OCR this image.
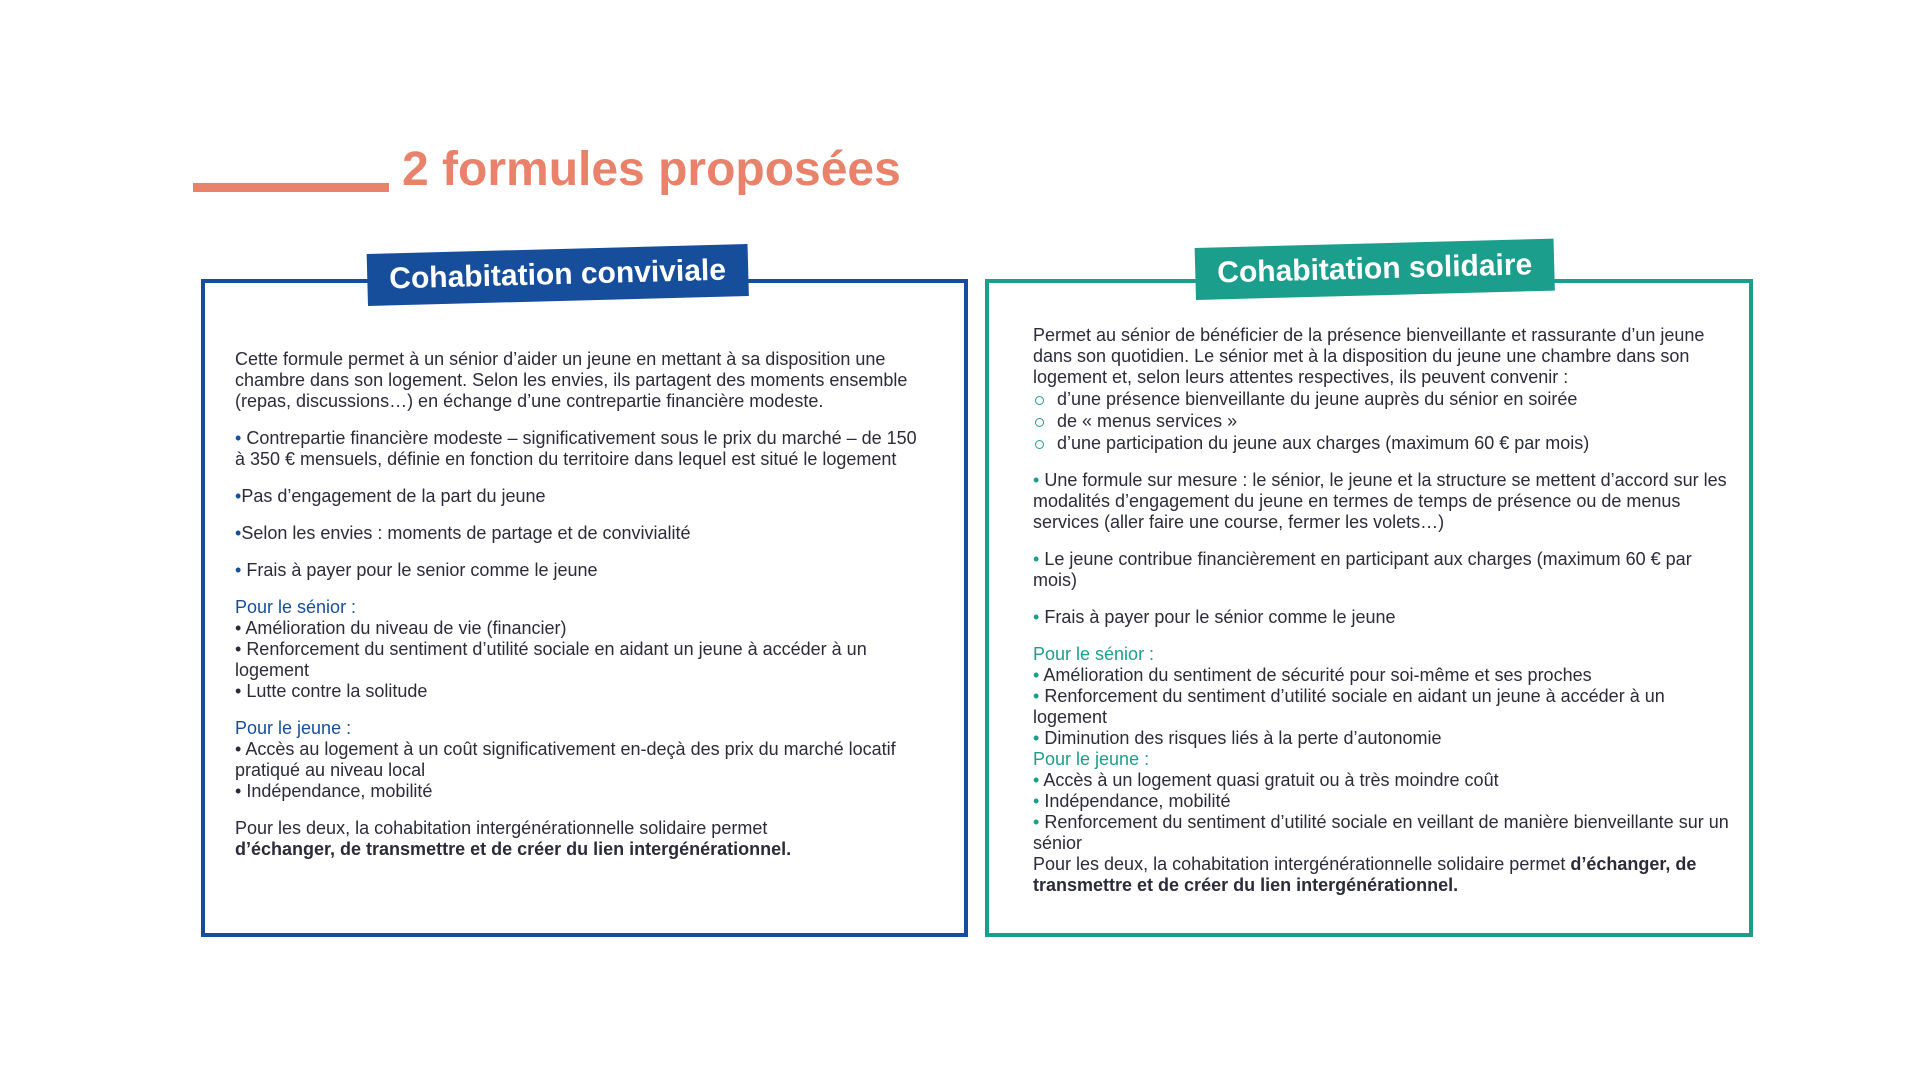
2 formules proposées
Cohabitation conviviale

Cette formule permet à un sénior d’aider un jeune en mettant à sa disposition une chambre dans son logement. Selon les envies, ils partagent des moments ensemble (repas, discussions…) en échange d’une contrepartie financière modeste.

• Contrepartie financière modeste – significativement sous le prix du marché – de 150 à 350 € mensuels, définie en fonction du territoire dans lequel est situé le logement

•Pas d’engagement de la part du jeune

•Selon les envies : moments de partage et de convivialité

• Frais à payer pour le senior comme le jeune

Pour le sénior :

• Amélioration du niveau de vie (financier)

• Renforcement du sentiment d’utilité sociale en aidant un jeune à accéder à un logement

• Lutte contre la solitude

Pour le jeune :

• Accès au logement à un coût significativement en-deçà des prix du marché locatif pratiqué au niveau local

• Indépendance, mobilité

Pour les deux, la cohabitation intergénérationnelle solidaire permet
d’échanger, de transmettre et de créer du lien intergénérationnel.

Cohabitation solidaire

Permet au sénior de bénéficier de la présence bienveillante et rassurante d’un jeune dans son quotidien. Le sénior met à la disposition du jeune une chambre dans son logement et, selon leurs attentes respectives, ils peuvent convenir :

d’une présence bienveillante du jeune auprès du sénior en soirée
de « menus services »
d’une participation du jeune aux charges (maximum 60 € par mois)

• Une formule sur mesure : le sénior, le jeune et la structure se mettent d’accord sur les modalités d’engagement du jeune en termes de temps de présence ou de menus services (aller faire une course, fermer les volets…)

• Le jeune contribue financièrement en participant aux charges (maximum 60 € par mois)

• Frais à payer pour le sénior comme le jeune

Pour le sénior :

• Amélioration du sentiment de sécurité pour soi-même et ses proches

• Renforcement du sentiment d’utilité sociale en aidant un jeune à accéder à un logement

• Diminution des risques liés à la perte d’autonomie

Pour le jeune :

• Accès à un logement quasi gratuit ou à très moindre coût

• Indépendance, mobilité

• Renforcement du sentiment d’utilité sociale en veillant de manière bienveillante sur un sénior

Pour les deux, la cohabitation intergénérationnelle solidaire permet d’échanger, de transmettre et de créer du lien intergénérationnel.
